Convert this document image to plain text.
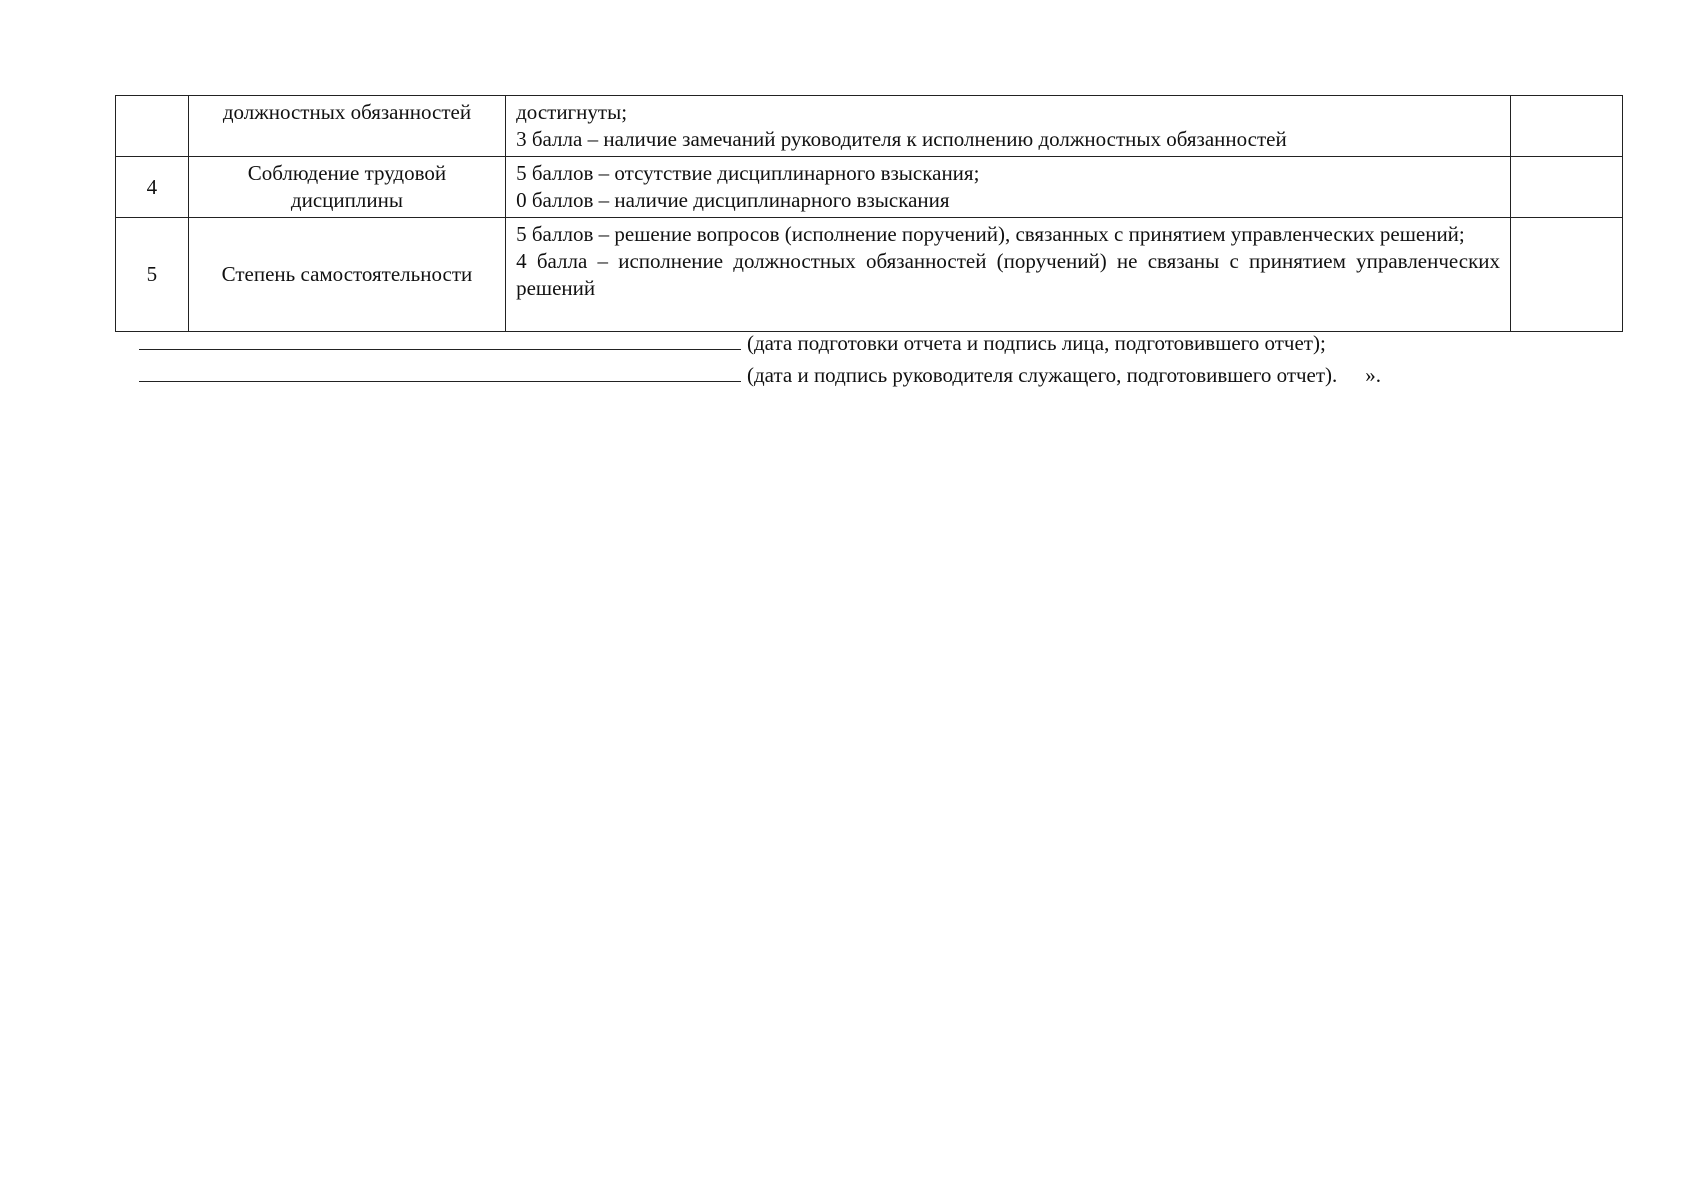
	должностных обязанностей	достигнуты;
3 балла – наличие замечаний руководителя к исполнению должностных обязанностей	

4	Соблюдение трудовой дисциплины	5 баллов – отсутствие дисциплинарного взыскания;
0 баллов – наличие дисциплинарного взыскания	

5	Степень самостоятельности	5 баллов – решение вопросов (исполнение поручений), связанных с принятием управленческих решений;
4 балла – исполнение должностных обязанностей (поручений) не связаны с принятием управленческих решений	

(дата подготовки отчета и подпись лица, подготовившего отчет);
(дата и подпись руководителя служащего, подготовившего отчет). ».
